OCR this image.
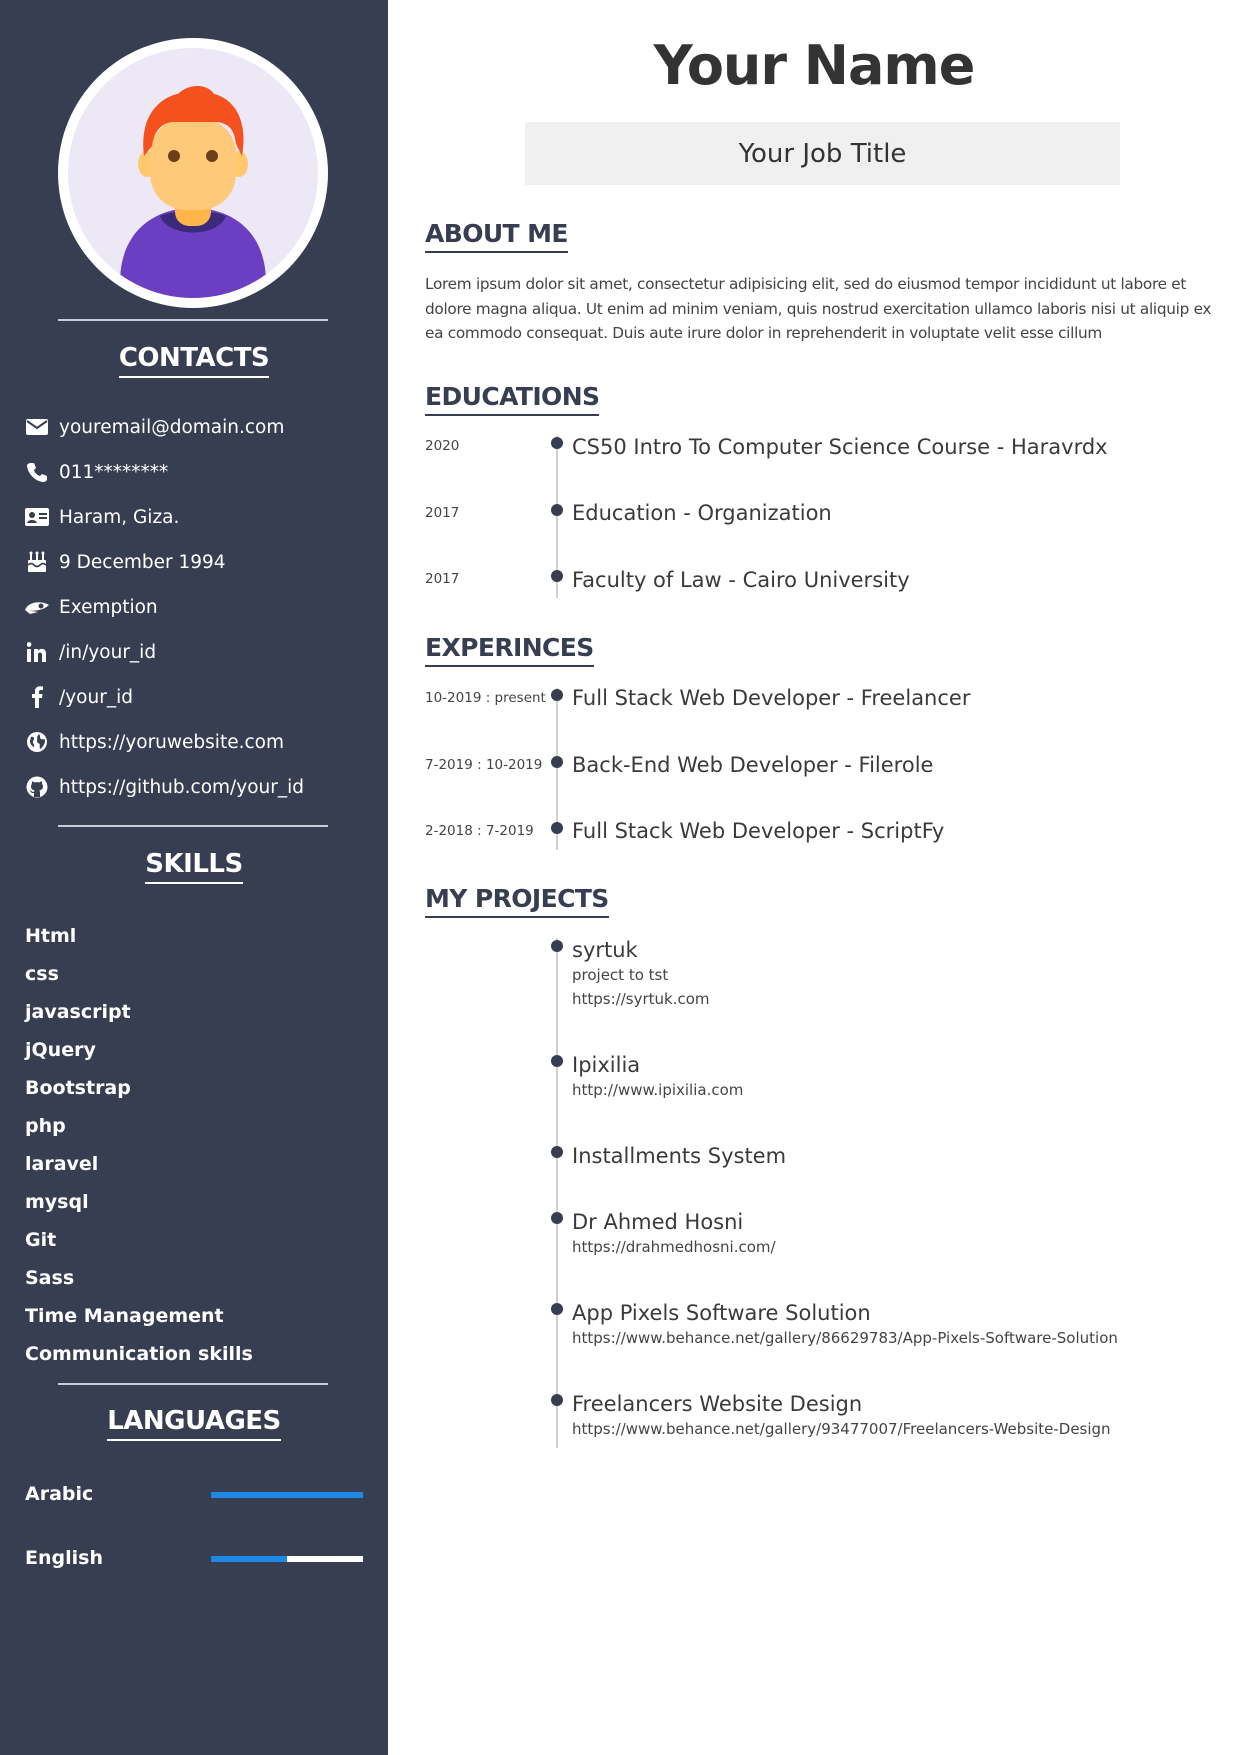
CONTACTS
youremail@domain.com
011********
Haram, Giza.
9 December 1994
Exemption
/in/your_id
/your_id
https://yoruwebsite.com
https://github.com/your_id
SKILLS
Html
css
javascript
jQuery
Bootstrap
php
laravel
mysql
Git
Sass
Time Management
Communication skills
LANGUAGES
Arabic
English
Your Name
Your Job Title
ABOUT ME

Lorem ipsum dolor sit amet, consectetur adipisicing elit, sed do eiusmod tempor incididunt ut labore et dolore magna aliqua. Ut enim ad minim veniam, quis nostrud exercitation ullamco laboris nisi ut aliquip ex ea commodo consequat. Duis aute irure dolor in reprehenderit in voluptate velit esse cillum

EDUCATIONS
2020	CS50 Intro To Computer Science Course - Haravrdx
2017	Education - Organization
2017	Faculty of Law - Cairo University
EXPERINCES
10-2019 : present Full Stack Web Developer - Freelancer
7-2019 : 10-2019 Back-End Web Developer - Filerole
2-2018 : 7-2019 Full Stack Web Developer - ScriptFy
MY PROJECTS
syrtuk
project to tst
https://syrtuk.com
Ipixilia
http://www.ipixilia.com
Installments System
Dr Ahmed Hosni
https://drahmedhosni.com/
App Pixels Software Solution
https://www.behance.net/gallery/86629783/App-Pixels-Software-Solution
Freelancers Website Design
https://www.behance.net/gallery/93477007/Freelancers-Website-Design
